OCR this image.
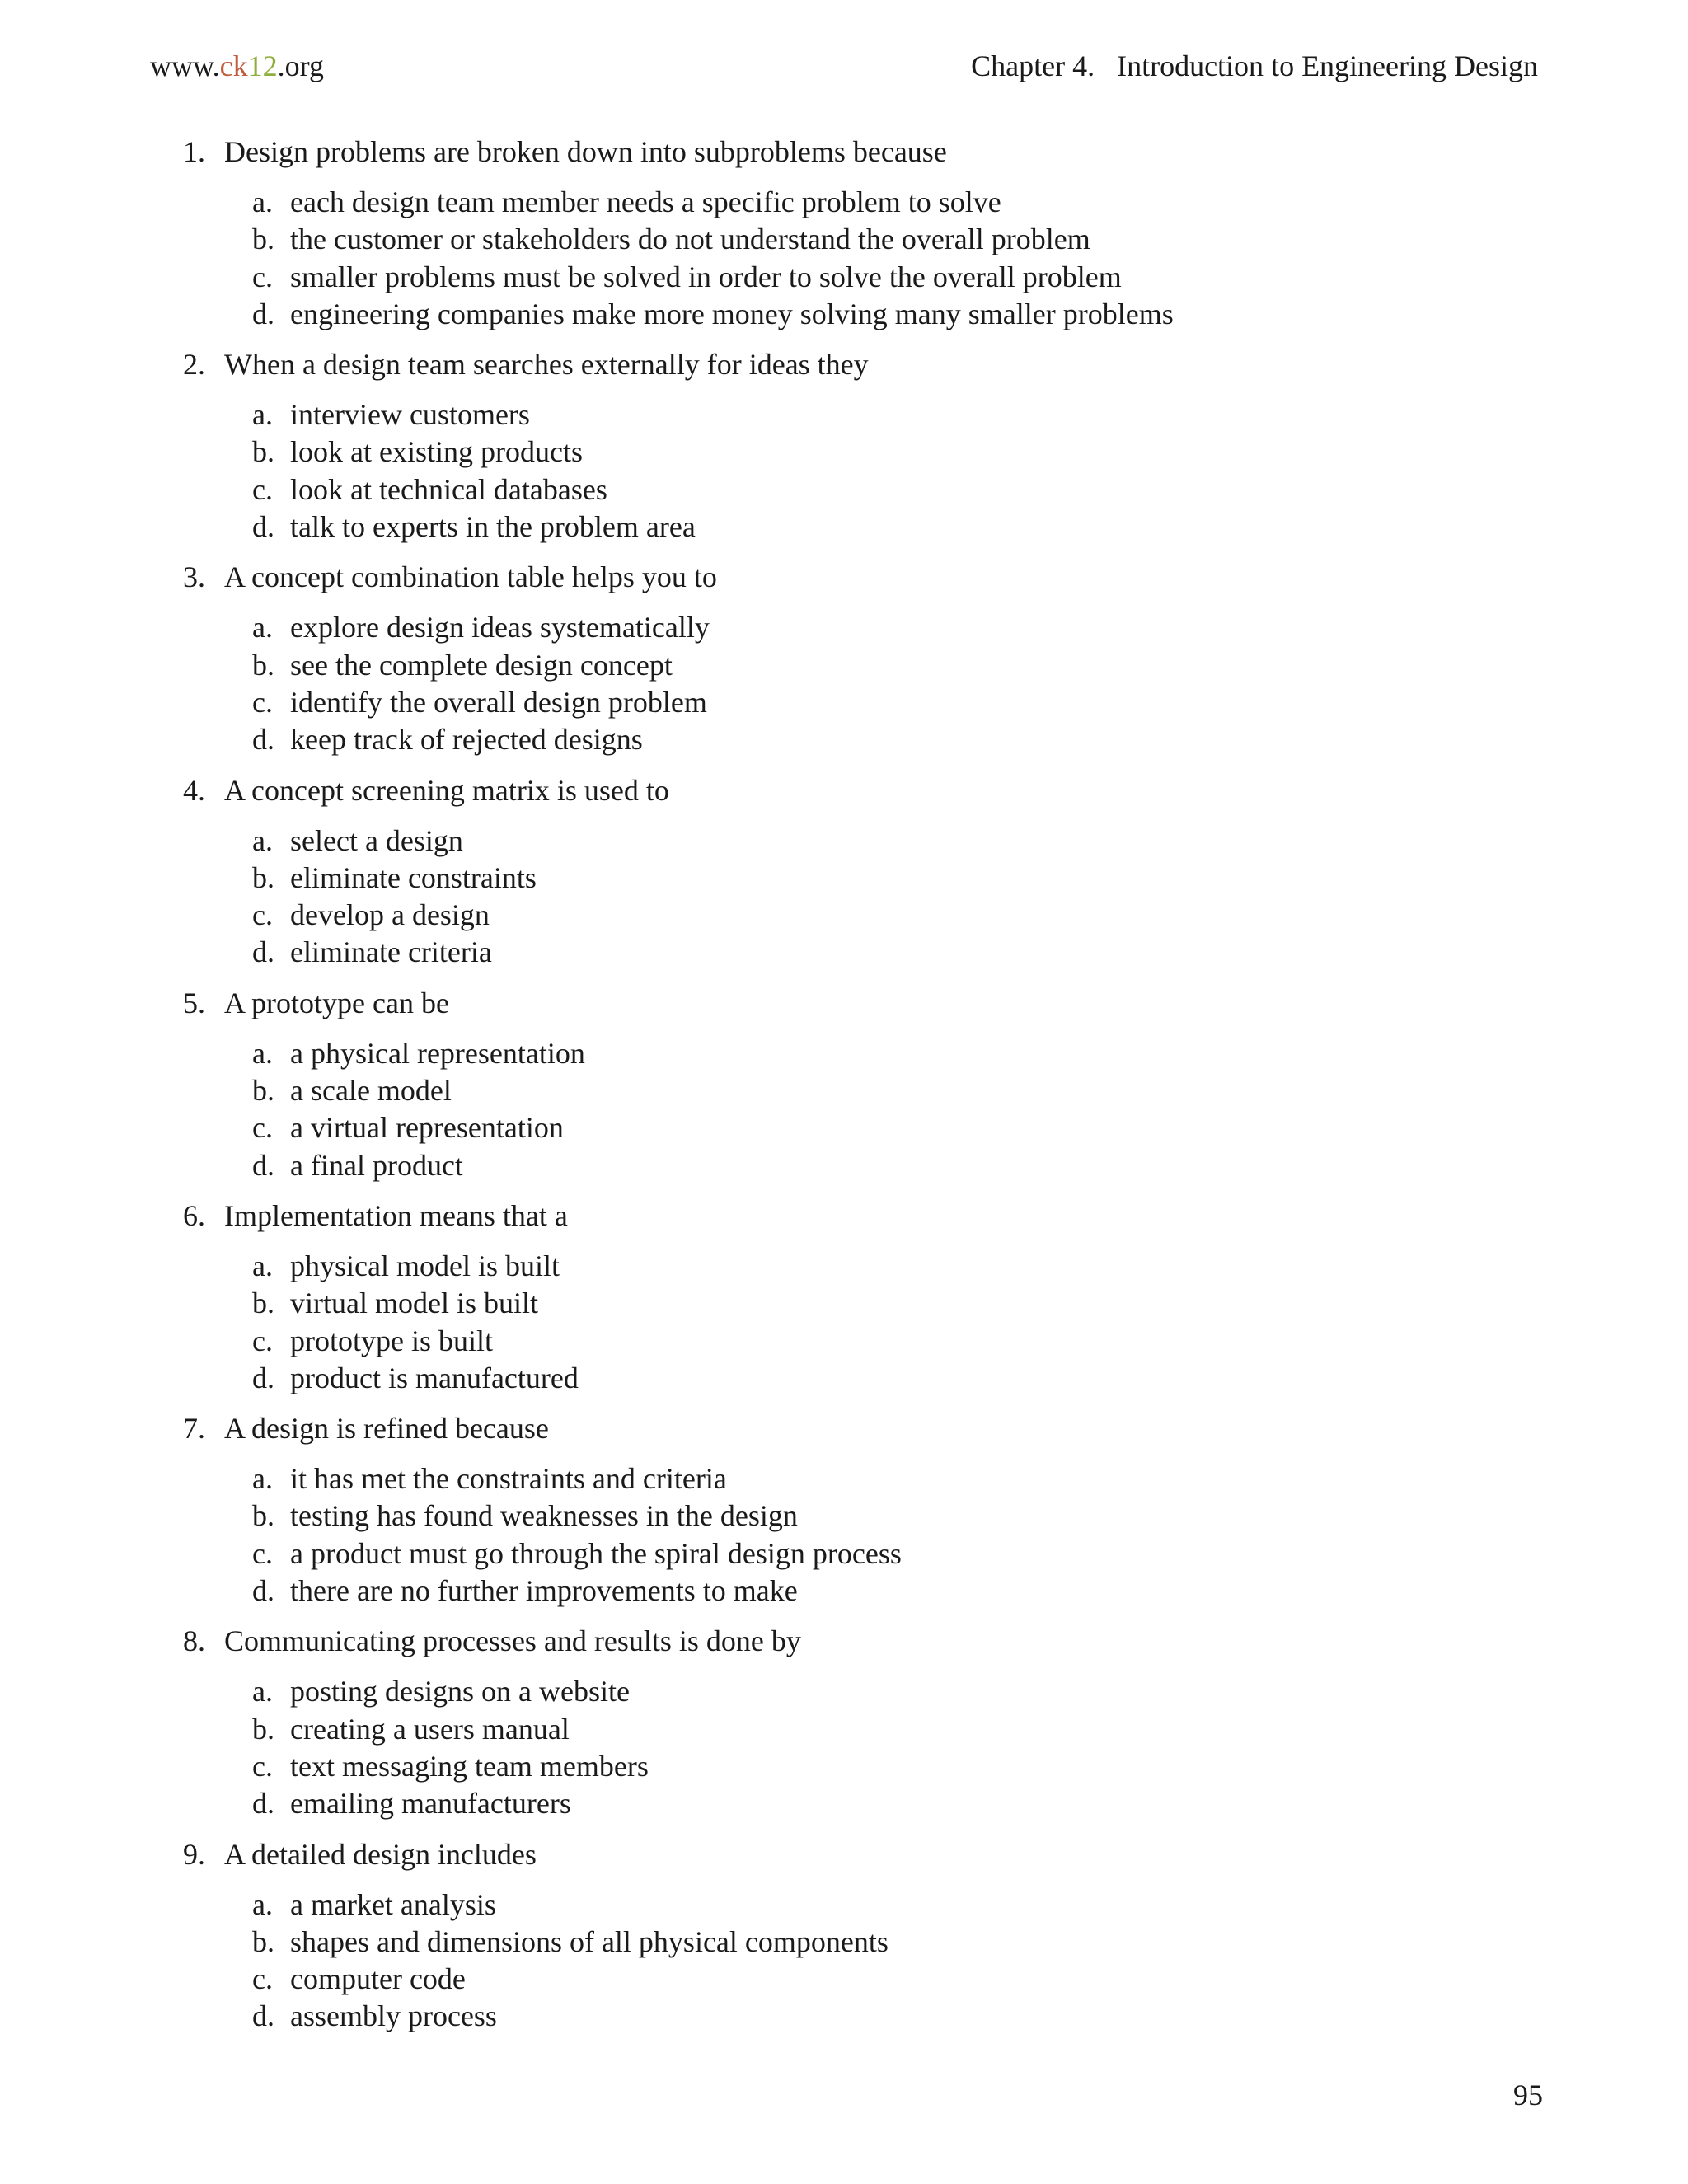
www.ck12.org	Chapter 4.   Introduction to Engineering Design
1. Design problems are broken down into subproblems because
a. each design team member needs a specific problem to solve
b. the customer or stakeholders do not understand the overall problem
c. smaller problems must be solved in order to solve the overall problem
d. engineering companies make more money solving many smaller problems
2. When a design team searches externally for ideas they
a. interview customers
b. look at existing products
c. look at technical databases
d. talk to experts in the problem area
3. A concept combination table helps you to
a. explore design ideas systematically
b. see the complete design concept
c. identify the overall design problem
d. keep track of rejected designs
4. A concept screening matrix is used to
a. select a design
b. eliminate constraints
c. develop a design
d. eliminate criteria
5. A prototype can be
a. a physical representation
b. a scale model
c. a virtual representation
d. a final product
6. Implementation means that a
a. physical model is built
b. virtual model is built
c. prototype is built
d. product is manufactured
7. A design is refined because
a. it has met the constraints and criteria
b. testing has found weaknesses in the design
c. a product must go through the spiral design process
d. there are no further improvements to make
8. Communicating processes and results is done by
a. posting designs on a website
b. creating a users manual
c. text messaging team members
d. emailing manufacturers
9. A detailed design includes
a. a market analysis
b. shapes and dimensions of all physical components
c. computer code
d. assembly process
95
